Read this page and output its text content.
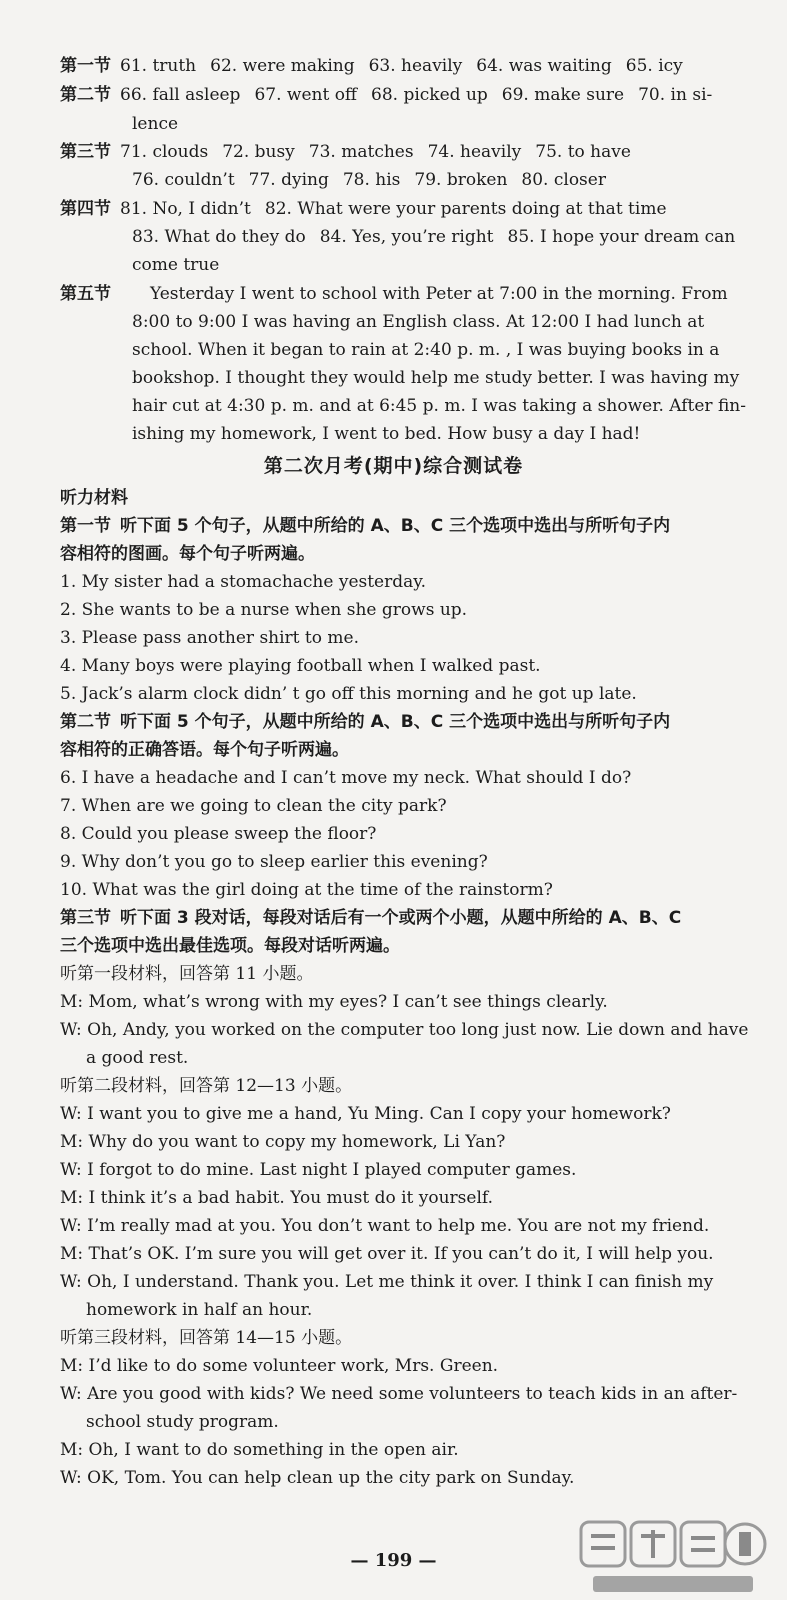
第一节 61. truth 62. were making 63. heavily 64. was waiting 65. icy
第二节 66. fall asleep 67. went off 68. picked up 69. make sure 70. in si-
lence
第三节 71. clouds 72. busy 73. matches 74. heavily 75. to have
76. couldn’t 77. dying 78. his 79. broken 80. closer
第四节 81. No, I didn’t 82. What were your parents doing at that time
83. What do they do 84. Yes, you’re right 85. I hope your dream can
come true
第五节 Yesterday I went to school with Peter at 7:00 in the morning. From
8:00 to 9:00 I was having an English class. At 12:00 I had lunch at
school. When it began to rain at 2:40 p. m. , I was buying books in a
bookshop. I thought they would help me study better. I was having my
hair cut at 4:30 p. m. and at 6:45 p. m. I was taking a shower. After fin-
ishing my homework, I went to bed. How busy a day I had!
第二次月考(期中)综合测试卷
听力材料
第一节 听下面 5 个句子，从题中所给的 A、B、C 三个选项中选出与所听句子内
容相符的图画。每个句子听两遍。
1. My sister had a stomachache yesterday.
2. She wants to be a nurse when she grows up.
3. Please pass another shirt to me.
4. Many boys were playing football when I walked past.
5. Jack’s alarm clock didn’ t go off this morning and he got up late.
第二节 听下面 5 个句子，从题中所给的 A、B、C 三个选项中选出与所听句子内
容相符的正确答语。每个句子听两遍。
6. I have a headache and I can’t move my neck. What should I do?
7. When are we going to clean the city park?
8. Could you please sweep the floor?
9. Why don’t you go to sleep earlier this evening?
10. What was the girl doing at the time of the rainstorm?
第三节 听下面 3 段对话，每段对话后有一个或两个小题，从题中所给的 A、B、C
三个选项中选出最佳选项。每段对话听两遍。
听第一段材料，回答第 11 小题。
M: Mom, what’s wrong with my eyes? I can’t see things clearly.
W: Oh, Andy, you worked on the computer too long just now. Lie down and have
a good rest.
听第二段材料，回答第 12—13 小题。
W: I want you to give me a hand, Yu Ming. Can I copy your homework?
M: Why do you want to copy my homework, Li Yan?
W: I forgot to do mine. Last night I played computer games.
M: I think it’s a bad habit. You must do it yourself.
W: I’m really mad at you. You don’t want to help me. You are not my friend.
M: That’s OK. I’m sure you will get over it. If you can’t do it, I will help you.
W: Oh, I understand. Thank you. Let me think it over. I think I can finish my
homework in half an hour.
听第三段材料，回答第 14—15 小题。
M: I’d like to do some volunteer work, Mrs. Green.
W: Are you good with kids? We need some volunteers to teach kids in an after-
school study program.
M: Oh, I want to do something in the open air.
W: OK, Tom. You can help clean up the city park on Sunday.
— 199 —
